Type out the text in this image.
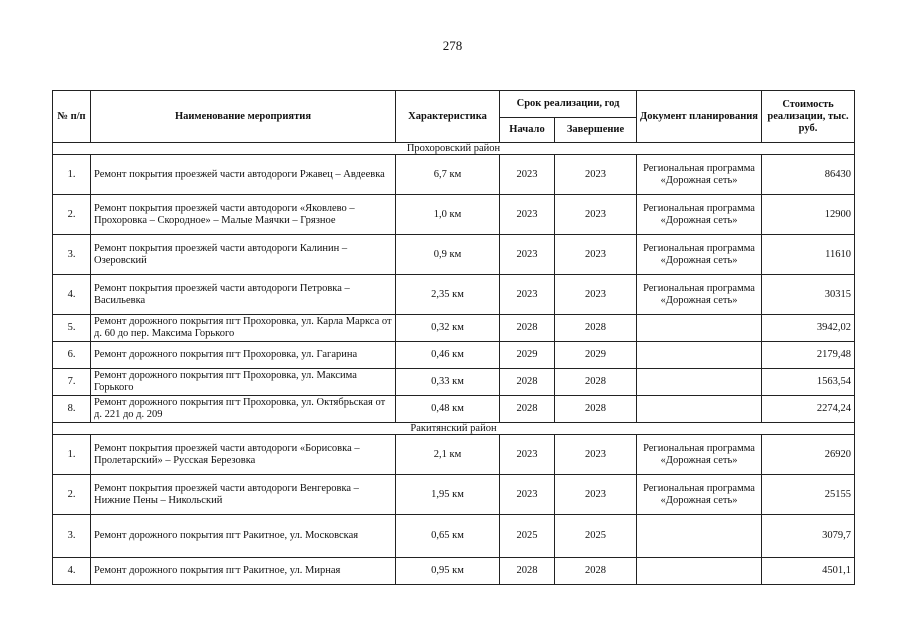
278
№ п/п	Наименование мероприятия	Характеристика	Срок реализации, год		Документ планирования	Стоимость реализации, тыс. руб.
			Начало	Завершение		
Прохоровский район						
1.	Ремонт покрытия проезжей части автодороги Ржавец – Авдеевка	6,7 км	2023	2023	Региональная программа «Дорожная сеть»	86430
2.	Ремонт покрытия проезжей части автодороги «Яковлево – Прохоровка – Скородное» – Малые Маячки – Грязное	1,0 км	2023	2023	Региональная программа «Дорожная сеть»	12900
3.	Ремонт покрытия проезжей части автодороги Калинин – Озеровский	0,9 км	2023	2023	Региональная программа «Дорожная сеть»	11610
4.	Ремонт покрытия проезжей части автодороги Петровка – Васильевка	2,35 км	2023	2023	Региональная программа «Дорожная сеть»	30315
5.	Ремонт дорожного покрытия пгт Прохоровка, ул. Карла Маркса от д. 60 до пер. Максима Горького	0,32 км	2028	2028		3942,02
6.	Ремонт дорожного покрытия пгт Прохоровка, ул. Гагарина	0,46 км	2029	2029		2179,48
7.	Ремонт дорожного покрытия пгт Прохоровка, ул. Максима Горького	0,33 км	2028	2028		1563,54
8.	Ремонт дорожного покрытия пгт Прохоровка, ул. Октябрьская от д. 221 до д. 209	0,48 км	2028	2028		2274,24
Ракитянский район						
1.	Ремонт покрытия проезжей части автодороги «Борисовка – Пролетарский» – Русская Березовка	2,1 км	2023	2023	Региональная программа «Дорожная сеть»	26920
2.	Ремонт покрытия проезжей части автодороги Венгеровка – Нижние Пены – Никольский	1,95 км	2023	2023	Региональная программа «Дорожная сеть»	25155
3.	Ремонт дорожного покрытия пгт Ракитное, ул. Московская	0,65 км	2025	2025		3079,7
4.	Ремонт дорожного покрытия пгт Ракитное, ул. Мирная	0,95 км	2028	2028		4501,1
